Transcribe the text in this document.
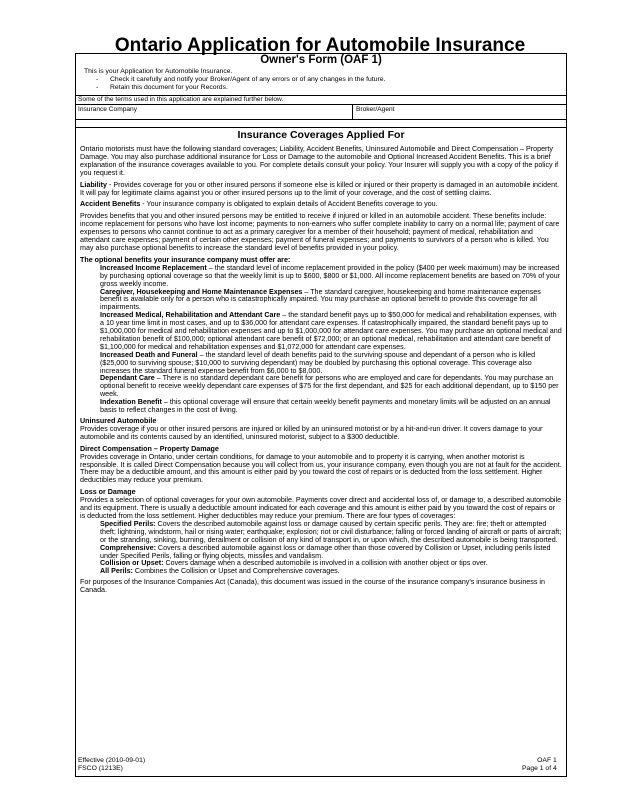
Ontario Application for Automobile Insurance
Owner's Form (OAF 1)
This is your Application for Automobile Insurance.
- Check it carefully and notify your Broker/Agent of any errors or of any changes in the future.
- Retain this document for your Records.
Some of the terms used in this application are explained further below.
Insurance Company	Broker/Agent
Insurance Coverages Applied For

Ontario motorists must have the following standard coverages; Liability, Accident Benefits, Uninsured Automobile and Direct Compensation – Property Damage. You may also purchase additional insurance for Loss or Damage to the automobile and Optional Increased Accident Benefits. This is a brief explanation of the insurance coverages available to you. For complete details consult your policy. Your Insurer will supply you with a copy of the policy if you request it.

Liability - Provides coverage for you or other insured persons if someone else is killed or injured or their property is damaged in an automobile incident. It will pay for legitimate claims against you or other insured persons up to the limit of your coverage, and the cost of settling claims.

Accident Benefits - Your insurance company is obligated to explain details of Accident Benefits coverage to you.

Provides benefits that you and other insured persons may be entitled to receive if injured or killed in an automobile accident. These benefits include: income replacement for persons who have lost income; payments to non-earners who suffer complete inability to carry on a normal life; payment of care expenses to persons who cannot continue to act as a primary caregiver for a member of their household; payment of medical, rehabilitation and attendant care expenses; payment of certain other expenses; payment of funeral expenses; and payments to survivors of a person who is killed. You may also purchase optional benefits to increase the standard level of benefits provided in your policy.

The optional benefits your insurance company must offer are:

Increased Income Replacement – the standard level of income replacement provided in the policy ($400 per week maximum) may be increased by purchasing optional coverage so that the weekly limit is up to $600, $800 or $1,000. All income replacement benefits are based on 70% of your gross weekly income.

Caregiver, Housekeeping and Home Maintenance Expenses – The standard caregiver, housekeeping and home maintenance expenses benefit is available only for a person who is catastrophically impaired. You may purchase an optional benefit to provide this coverage for all impairments.

Increased Medical, Rehabilitation and Attendant Care – the standard benefit pays up to $50,000 for medical and rehabilitation expenses, with a 10 year time limit in most cases, and up to $36,000 for attendant care expenses. If catastrophically impaired, the standard benefit pays up to $1,000,000 for medical and rehabilitation expenses and up to $1,000,000 for attendant care expenses. You may purchase an optional medical and rehabilitation benefit of $100,000; optional attendant care benefit of $72,000; or an optional medical, rehabilitation and attendant care benefit of $1,100,000 for medical and rehabilitation expenses and $1,072,000 for attendant care expenses.

Increased Death and Funeral – the standard level of death benefits paid to the surviving spouse and dependant of a person who is killed ($25,000 to surviving spouse; $10,000 to surviving dependant) may be doubled by purchasing this optional coverage. This coverage also increases the standard funeral expense benefit from $6,000 to $8,000.

Dependant Care – There is no standard dependant care benefit for persons who are employed and care for dependants. You may purchase an optional benefit to receive weekly dependant care expenses of $75 for the first dependant, and $25 for each additional dependant, up to $150 per week.

Indexation Benefit – this optional coverage will ensure that certain weekly benefit payments and monetary limits will be adjusted on an annual basis to reflect changes in the cost of living.

Uninsured Automobile

Provides coverage if you or other insured persons are injured or killed by an uninsured motorist or by a hit-and-run driver. It covers damage to your automobile and its contents caused by an identified, uninsured motorist, subject to a $300 deductible.

Direct Compensation – Property Damage

Provides coverage in Ontario, under certain conditions, for damage to your automobile and to property it is carrying, when another motorist is responsible. It is called Direct Compensation because you will collect from us, your insurance company, even though you are not at fault for the accident. There may be a deductible amount, and this amount is either paid by you toward the cost of repairs or is deducted from the loss settlement. Higher deductibles may reduce your premium.

Loss or Damage

Provides a selection of optional coverages for your own automobile. Payments cover direct and accidental loss of, or damage to, a described automobile and its equipment. There is usually a deductible amount indicated for each coverage and this amount is either paid by you toward the cost of repairs or is deducted from the loss settlement. Higher deductibles may reduce your premium. There are four types of coverages:

Specified Perils: Covers the described automobile against loss or damage caused by certain specific perils. They are: fire; theft or attempted theft; lightning, windstorm, hail or rising water; earthquake; explosion; riot or civil disturbance; falling or forced landing of aircraft or parts of aircraft; or the stranding, sinking, burning, derailment or collision of any kind of transport in, or upon which, the described automobile is being transported.

Comprehensive: Covers a described automobile against loss or damage other than those covered by Collision or Upset, including perils listed under Specified Perils, falling or flying objects, missiles and vandalism.

Collision or Upset: Covers damage when a described automobile is involved in a collision with another object or tips over.

All Perils: Combines the Collision or Upset and Comprehensive coverages.

For purposes of the Insurance Companies Act (Canada), this document was issued in the course of the insurance company's insurance business in Canada.

Effective (2010-09-01)
FSCO (1213E)
OAF 1
Page 1 of 4
